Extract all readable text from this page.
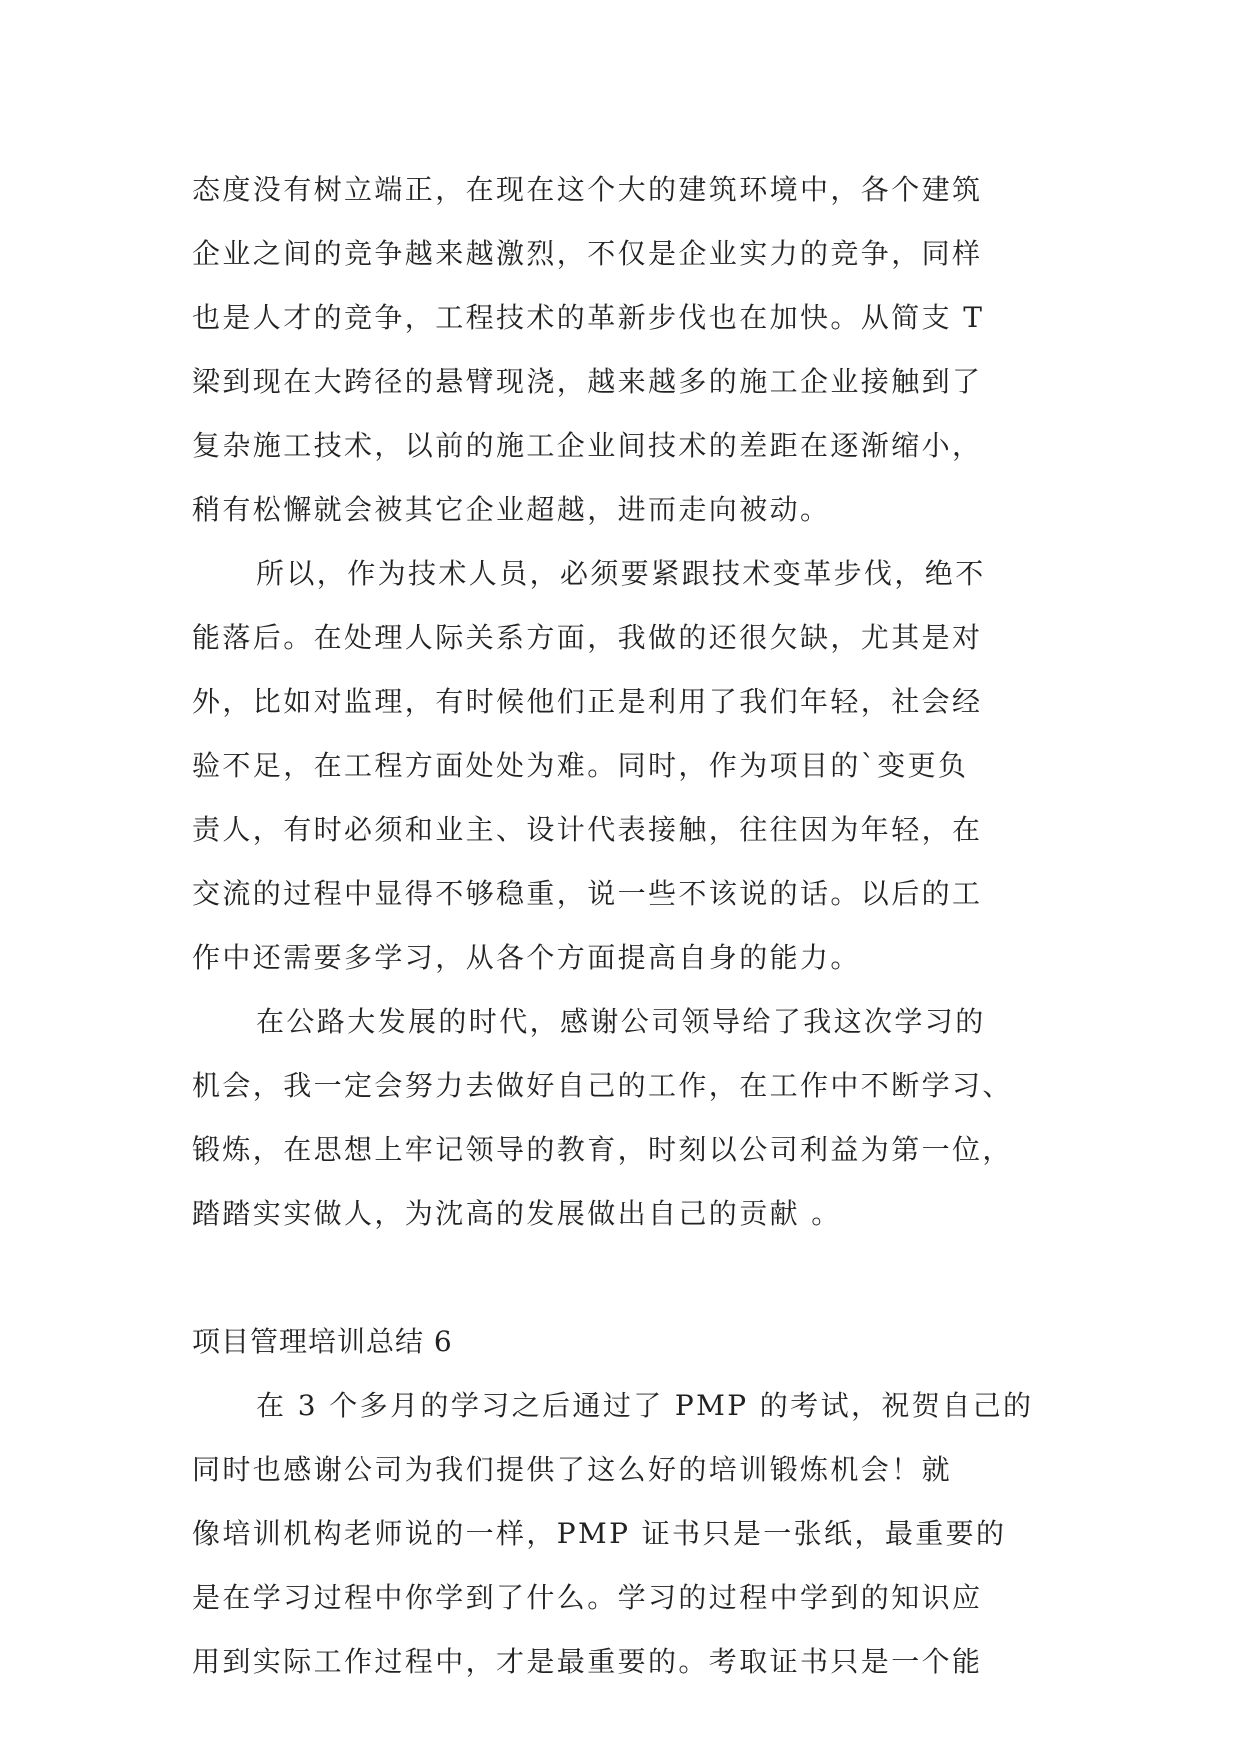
态度没有树立端正，在现在这个大的建筑环境中，各个建筑
企业之间的竞争越来越激烈，不仅是企业实力的竞争，同样
也是人才的竞争，工程技术的革新步伐也在加快。从简支 T
梁到现在大跨径的悬臂现浇，越来越多的施工企业接触到了
复杂施工技术，以前的施工企业间技术的差距在逐渐缩小，
稍有松懈就会被其它企业超越，进而走向被动。
所以，作为技术人员，必须要紧跟技术变革步伐，绝不
能落后。在处理人际关系方面，我做的还很欠缺，尤其是对
外，比如对监理，有时候他们正是利用了我们年轻，社会经
验不足，在工程方面处处为难。同时，作为项目的`变更负
责人，有时必须和业主、设计代表接触，往往因为年轻，在
交流的过程中显得不够稳重，说一些不该说的话。以后的工
作中还需要多学习，从各个方面提高自身的能力。
在公路大发展的时代，感谢公司领导给了我这次学习的
机会，我一定会努力去做好自己的工作，在工作中不断学习、
锻炼，在思想上牢记领导的教育，时刻以公司利益为第一位，
踏踏实实做人，为沈高的发展做出自己的贡献 。
项目管理培训总结 6
在 3 个多月的学习之后通过了 PMP 的考试，祝贺自己的
同时也感谢公司为我们提供了这么好的培训锻炼机会！就
像培训机构老师说的一样，PMP 证书只是一张纸，最重要的
是在学习过程中你学到了什么。学习的过程中学到的知识应
用到实际工作过程中，才是最重要的。考取证书只是一个能
